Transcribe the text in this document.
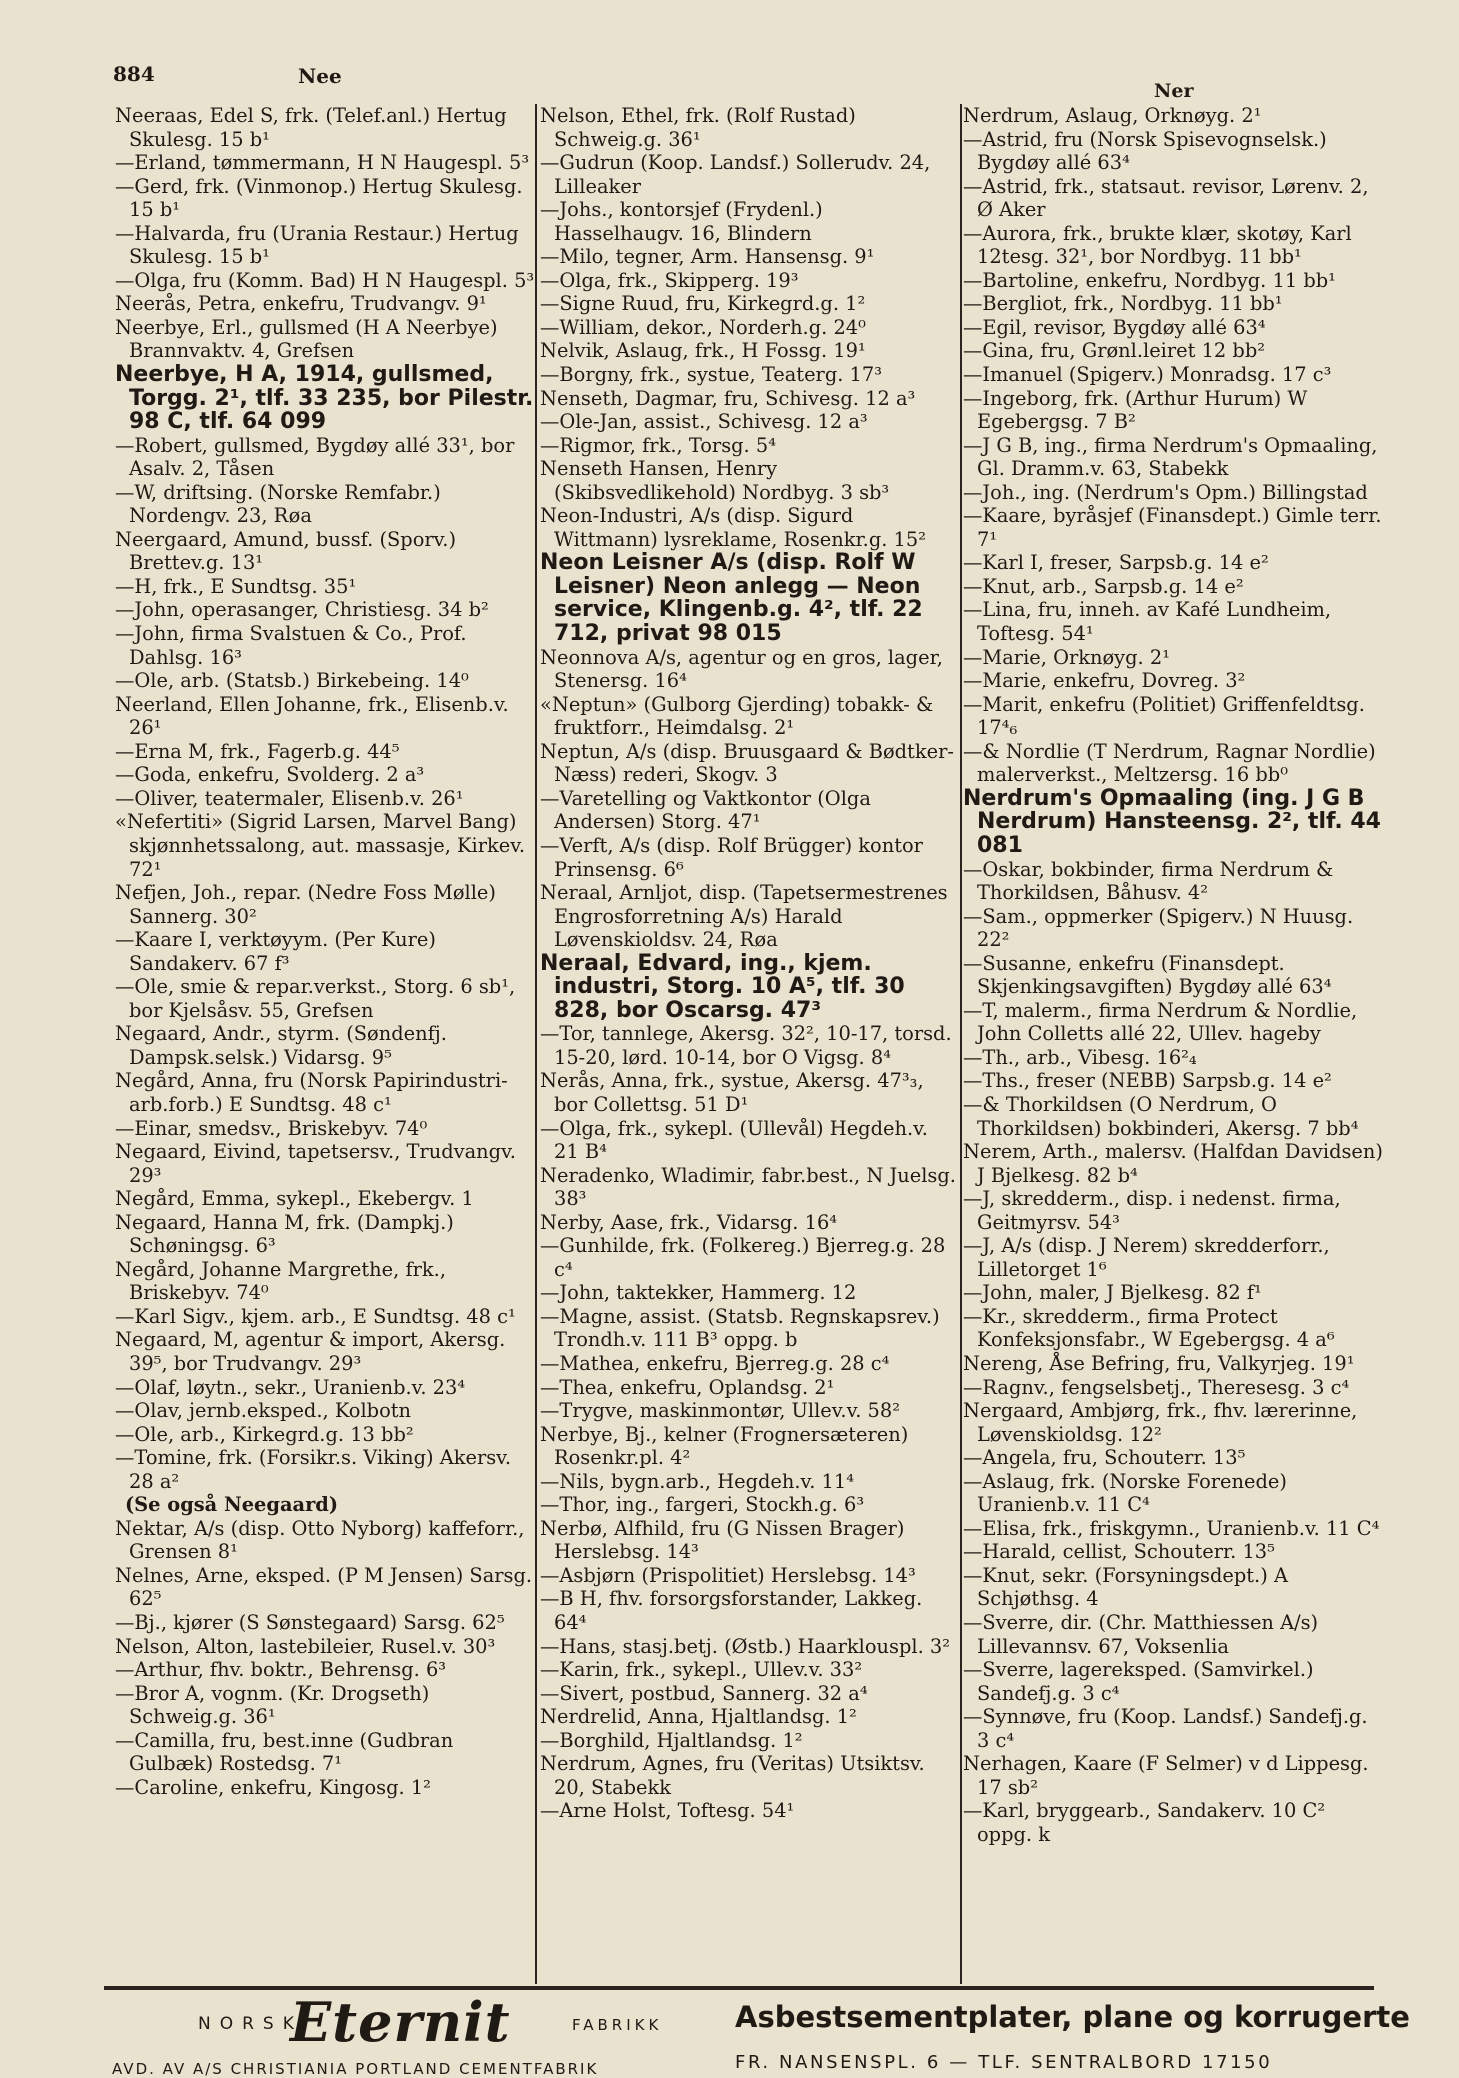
884	Nee
Ner

Neeraas, Edel S, frk. (Telef.anl.) Hertug Skulesg. 15 b¹

—Erland, tømmermann, H N Haugespl. 5³

—Gerd, frk. (Vinmonop.) Hertug Skulesg. 15 b¹

—Halvarda, fru (Urania Restaur.) Hertug Skulesg. 15 b¹

—Olga, fru (Komm. Bad) H N Haugespl. 5³

Neerås, Petra, enkefru, Trudvangv. 9¹

Neerbye, Erl., gullsmed (H A Neerbye) Brannvaktv. 4, Grefsen

Neerbye, H A, 1914, gullsmed, Torgg. 2¹, tlf. 33 235, bor Pilestr. 98 C, tlf. 64 099

—Robert, gullsmed, Bygdøy allé 33¹, bor Asalv. 2, Tåsen

—W, driftsing. (Norske Remfabr.) Nordengv. 23, Røa

Neergaard, Amund, bussf. (Sporv.) Brettev.g. 13¹

—H, frk., E Sundtsg. 35¹

—John, operasanger, Christiesg. 34 b²

—John, firma Svalstuen & Co., Prof. Dahlsg. 16³

—Ole, arb. (Statsb.) Birkebeing. 14⁰

Neerland, Ellen Johanne, frk., Elisenb.v. 26¹

—Erna M, frk., Fagerb.g. 44⁵

—Goda, enkefru, Svolderg. 2 a³

—Oliver, teatermaler, Elisenb.v. 26¹

«Nefertiti» (Sigrid Larsen, Marvel Bang) skjønnhetssalong, aut. massasje, Kirkev. 72¹

Nefjen, Joh., repar. (Nedre Foss Mølle) Sannerg. 30²

—Kaare I, verktøyym. (Per Kure) Sandakerv. 67 f³

—Ole, smie & repar.verkst., Storg. 6 sb¹, bor Kjelsåsv. 55, Grefsen

Negaard, Andr., styrm. (Søndenfj. Dampsk.selsk.) Vidarsg. 9⁵

Negård, Anna, fru (Norsk Papirindustri-arb.forb.) E Sundtsg. 48 c¹

—Einar, smedsv., Briskebyv. 74⁰

Negaard, Eivind, tapetsersv., Trudvangv. 29³

Negård, Emma, sykepl., Ekebergv. 1

Negaard, Hanna M, frk. (Dampkj.) Schøningsg. 6³

Negård, Johanne Margrethe, frk., Briskebyv. 74⁰

—Karl Sigv., kjem. arb., E Sundtsg. 48 c¹

Negaard, M, agentur & import, Akersg. 39⁵, bor Trudvangv. 29³

—Olaf, løytn., sekr., Uranienb.v. 23⁴

—Olav, jernb.eksped., Kolbotn

—Ole, arb., Kirkegrd.g. 13 bb²

—Tomine, frk. (Forsikr.s. Viking) Akersv. 28 a²

(Se også Neegaard)

Nektar, A/s (disp. Otto Nyborg) kaffeforr., Grensen 8¹

Nelnes, Arne, eksped. (P M Jensen) Sarsg. 62⁵

—Bj., kjører (S Sønstegaard) Sarsg. 62⁵

Nelson, Alton, lastebileier, Rusel.v. 30³

—Arthur, fhv. boktr., Behrensg. 6³

—Bror A, vognm. (Kr. Drogseth) Schweig.g. 36¹

—Camilla, fru, best.inne (Gudbran Gulbæk) Rostedsg. 7¹

—Caroline, enkefru, Kingosg. 1²

Nelson, Ethel, frk. (Rolf Rustad) Schweig.g. 36¹

—Gudrun (Koop. Landsf.) Sollerudv. 24, Lilleaker

—Johs., kontorsjef (Frydenl.) Hasselhaugv. 16, Blindern

—Milo, tegner, Arm. Hansensg. 9¹

—Olga, frk., Skipperg. 19³

—Signe Ruud, fru, Kirkegrd.g. 1²

—William, dekor., Norderh.g. 24⁰

Nelvik, Aslaug, frk., H Fossg. 19¹

—Borgny, frk., systue, Teaterg. 17³

Nenseth, Dagmar, fru, Schivesg. 12 a³

—Ole-Jan, assist., Schivesg. 12 a³

—Rigmor, frk., Torsg. 5⁴

Nenseth Hansen, Henry (Skibsvedlikehold) Nordbyg. 3 sb³

Neon-Industri, A/s (disp. Sigurd Wittmann) lysreklame, Rosenkr.g. 15²

Neon Leisner A/s (disp. Rolf W Leisner) Neon anlegg — Neon service, Klingenb.g. 4², tlf. 22 712, privat 98 015

Neonnova A/s, agentur og en gros, lager, Stenersg. 16⁴

«Neptun» (Gulborg Gjerding) tobakk- & fruktforr., Heimdalsg. 2¹

Neptun, A/s (disp. Bruusgaard & Bødtker-Næss) rederi, Skogv. 3

—Varetelling og Vaktkontor (Olga Andersen) Storg. 47¹

—Verft, A/s (disp. Rolf Brügger) kontor Prinsensg. 6⁶

Neraal, Arnljot, disp. (Tapetsermestrenes Engrosforretning A/s) Harald Løvenskioldsv. 24, Røa

Neraal, Edvard, ing., kjem. industri, Storg. 10 A⁵, tlf. 30 828, bor Oscarsg. 47³

—Tor, tannlege, Akersg. 32², 10-17, torsd. 15-20, lørd. 10-14, bor O Vigsg. 8⁴

Nerås, Anna, frk., systue, Akersg. 47³₃, bor Collettsg. 51 D¹

—Olga, frk., sykepl. (Ullevål) Hegdeh.v. 21 B⁴

Neradenko, Wladimir, fabr.best., N Juelsg. 38³

Nerby, Aase, frk., Vidarsg. 16⁴

—Gunhilde, frk. (Folkereg.) Bjerreg.g. 28 c⁴

—John, taktekker, Hammerg. 12

—Magne, assist. (Statsb. Regnskapsrev.) Trondh.v. 111 B³ oppg. b

—Mathea, enkefru, Bjerreg.g. 28 c⁴

—Thea, enkefru, Oplandsg. 2¹

—Trygve, maskinmontør, Ullev.v. 58²

Nerbye, Bj., kelner (Frognersæteren) Rosenkr.pl. 4²

—Nils, bygn.arb., Hegdeh.v. 11⁴

—Thor, ing., fargeri, Stockh.g. 6³

Nerbø, Alfhild, fru (G Nissen Brager) Herslebsg. 14³

—Asbjørn (Prispolitiet) Herslebsg. 14³

—B H, fhv. forsorgsforstander, Lakkeg. 64⁴

—Hans, stasj.betj. (Østb.) Haarklouspl. 3²

—Karin, frk., sykepl., Ullev.v. 33²

—Sivert, postbud, Sannerg. 32 a⁴

Nerdrelid, Anna, Hjaltlandsg. 1²

—Borghild, Hjaltlandsg. 1²

Nerdrum, Agnes, fru (Veritas) Utsiktsv. 20, Stabekk

—Arne Holst, Toftesg. 54¹

Nerdrum, Aslaug, Orknøyg. 2¹

—Astrid, fru (Norsk Spisevognselsk.) Bygdøy allé 63⁴

—Astrid, frk., statsaut. revisor, Lørenv. 2, Ø Aker

—Aurora, frk., brukte klær, skotøy, Karl 12tesg. 32¹, bor Nordbyg. 11 bb¹

—Bartoline, enkefru, Nordbyg. 11 bb¹

—Bergliot, frk., Nordbyg. 11 bb¹

—Egil, revisor, Bygdøy allé 63⁴

—Gina, fru, Grønl.leiret 12 bb²

—Imanuel (Spigerv.) Monradsg. 17 c³

—Ingeborg, frk. (Arthur Hurum) W Egebergsg. 7 B²

—J G B, ing., firma Nerdrum's Opmaaling, Gl. Dramm.v. 63, Stabekk

—Joh., ing. (Nerdrum's Opm.) Billingstad

—Kaare, byråsjef (Finansdept.) Gimle terr. 7¹

—Karl I, freser, Sarpsb.g. 14 e²

—Knut, arb., Sarpsb.g. 14 e²

—Lina, fru, inneh. av Kafé Lundheim, Toftesg. 54¹

—Marie, Orknøyg. 2¹

—Marie, enkefru, Dovreg. 3²

—Marit, enkefru (Politiet) Griffenfeldtsg. 17⁴₆

—& Nordlie (T Nerdrum, Ragnar Nordlie) malerverkst., Meltzersg. 16 bb⁰

Nerdrum's Opmaaling (ing. J G B Nerdrum) Hansteensg. 2², tlf. 44 081

—Oskar, bokbinder, firma Nerdrum & Thorkildsen, Båhusv. 4²

—Sam., oppmerker (Spigerv.) N Huusg. 22²

—Susanne, enkefru (Finansdept. Skjenkingsavgiften) Bygdøy allé 63⁴

—T, malerm., firma Nerdrum & Nordlie, John Colletts allé 22, Ullev. hageby

—Th., arb., Vibesg. 16²₄

—Ths., freser (NEBB) Sarpsb.g. 14 e²

—& Thorkildsen (O Nerdrum, O Thorkildsen) bokbinderi, Akersg. 7 bb⁴

Nerem, Arth., malersv. (Halfdan Davidsen) J Bjelkesg. 82 b⁴

—J, skredderm., disp. i nedenst. firma, Geitmyrsv. 54³

—J, A/s (disp. J Nerem) skredderforr., Lilletorget 1⁶

—John, maler, J Bjelkesg. 82 f¹

—Kr., skredderm., firma Protect Konfeksjonsfabr., W Egebergsg. 4 a⁶

Nereng, Åse Befring, fru, Valkyrjeg. 19¹

—Ragnv., fengselsbetj., Theresesg. 3 c⁴

Nergaard, Ambjørg, frk., fhv. lærerinne, Løvenskioldsg. 12²

—Angela, fru, Schouterr. 13⁵

—Aslaug, frk. (Norske Forenede) Uranienb.v. 11 C⁴

—Elisa, frk., friskgymn., Uranienb.v. 11 C⁴

—Harald, cellist, Schouterr. 13⁵

—Knut, sekr. (Forsyningsdept.) A Schjøthsg. 4

—Sverre, dir. (Chr. Matthiessen A/s) Lillevannsv. 67, Voksenlia

—Sverre, lagereksped. (Samvirkel.) Sandefj.g. 3 c⁴

—Synnøve, fru (Koop. Landsf.) Sandefj.g. 3 c⁴

Nerhagen, Kaare (F Selmer) v d Lippesg. 17 sb²

—Karl, bryggearb., Sandakerv. 10 C² oppg. k

NORSK
Eternit	FABRIKK
AVD. AV A/S CHRISTIANIA PORTLAND CEMENTFABRIK
Asbestsementplater, plane og korrugerte
FR. NANSENSPL. 6 — TLF. SENTRALBORD 17150
